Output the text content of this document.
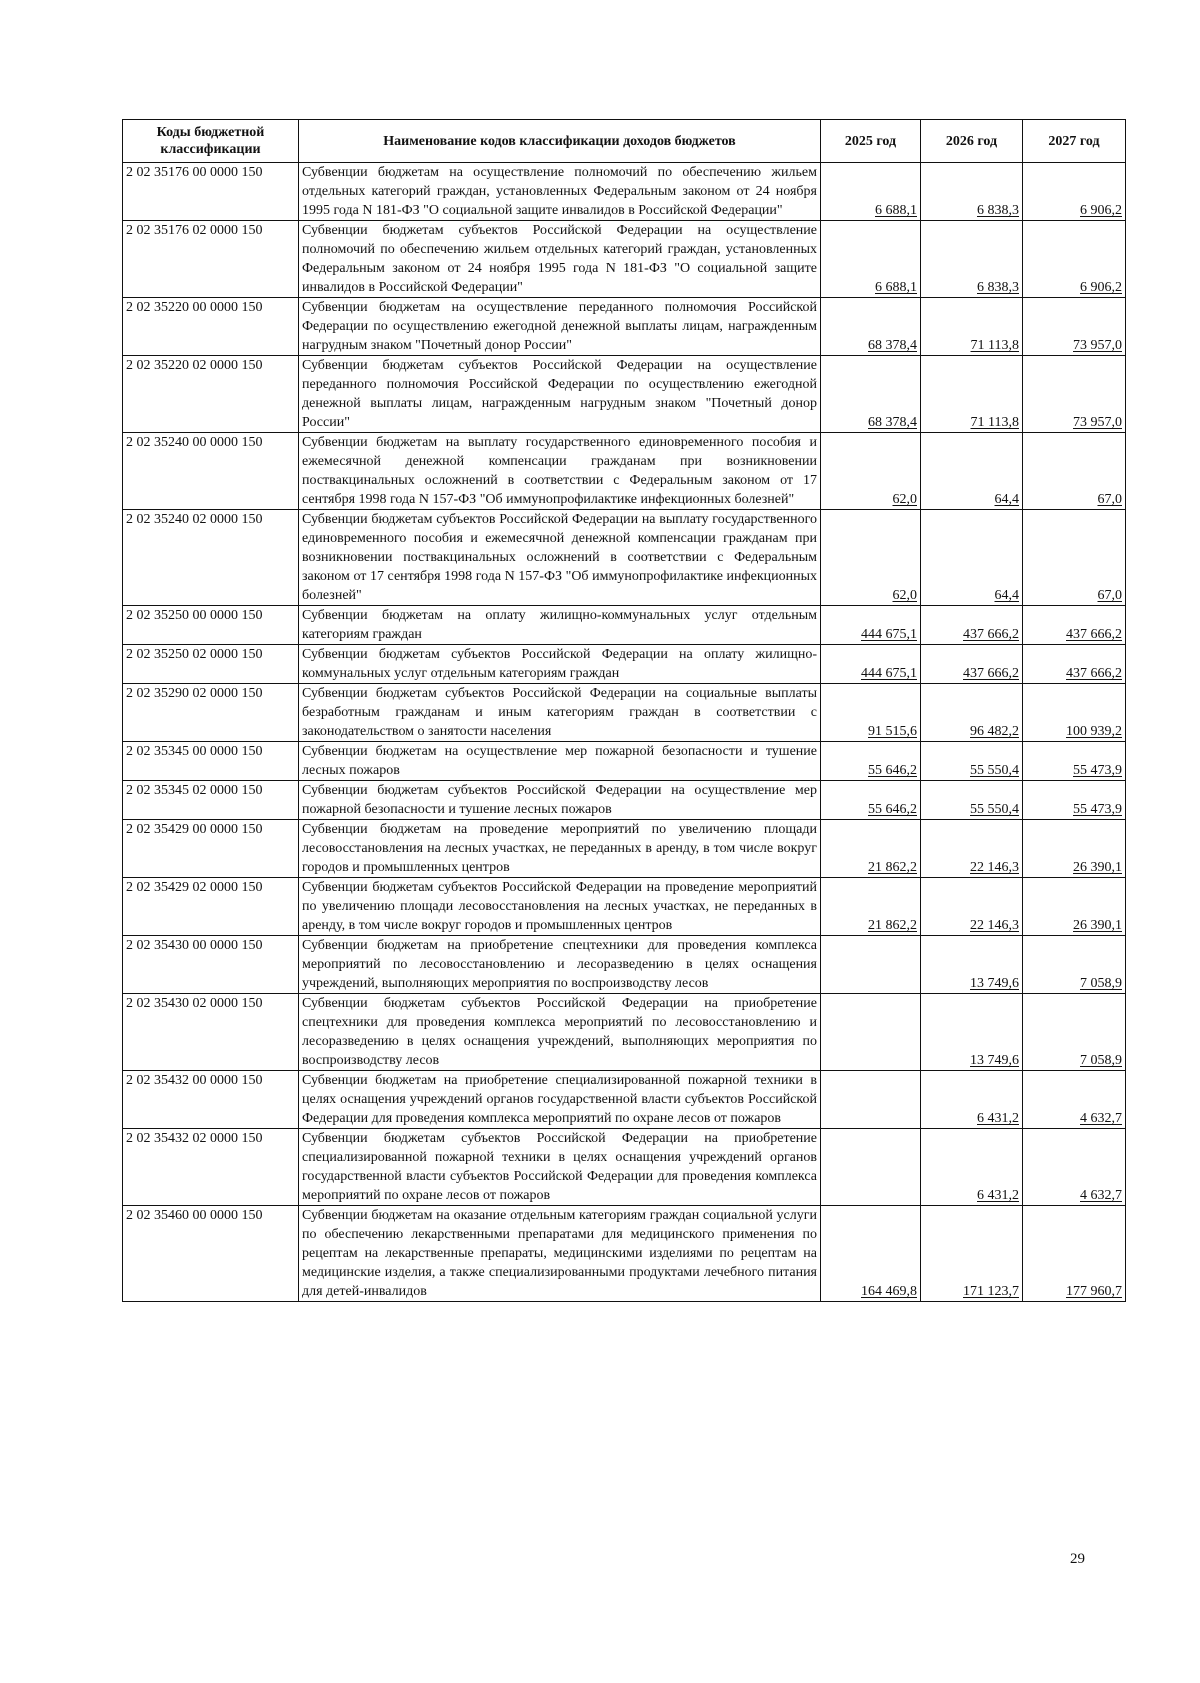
Коды бюджетной классификации	Наименование кодов классификации доходов бюджетов	2025 год	2026 год	2027 год
2 02 35176 00 0000 150	Субвенции бюджетам на осуществление полномочий по обеспечению жильем отдельных категорий граждан, установленных Федеральным законом от 24 ноября 1995 года N 181-ФЗ "О социальной защите инвалидов в Российской Федерации"	6 688,1	6 838,3	6 906,2
2 02 35176 02 0000 150	Субвенции бюджетам субъектов Российской Федерации на осуществление полномочий по обеспечению жильем отдельных категорий граждан, установленных Федеральным законом от 24 ноября 1995 года N 181-ФЗ "О социальной защите инвалидов в Российской Федерации"	6 688,1	6 838,3	6 906,2
2 02 35220 00 0000 150	Субвенции бюджетам на осуществление переданного полномочия Российской Федерации по осуществлению ежегодной денежной выплаты лицам, награжденным нагрудным знаком "Почетный донор России"	68 378,4	71 113,8	73 957,0
2 02 35220 02 0000 150	Субвенции бюджетам субъектов Российской Федерации на осуществление переданного полномочия Российской Федерации по осуществлению ежегодной денежной выплаты лицам, награжденным нагрудным знаком "Почетный донор России"	68 378,4	71 113,8	73 957,0
2 02 35240 00 0000 150	Субвенции бюджетам на выплату государственного единовременного пособия и ежемесячной денежной компенсации гражданам при возникновении поствакцинальных осложнений в соответствии с Федеральным законом от 17 сентября 1998 года N 157-ФЗ "Об иммунопрофилактике инфекционных болезней"	62,0	64,4	67,0
2 02 35240 02 0000 150	Субвенции бюджетам субъектов Российской Федерации на выплату государственного единовременного пособия и ежемесячной денежной компенсации гражданам при возникновении поствакцинальных осложнений в соответствии с Федеральным законом от 17 сентября 1998 года N 157-ФЗ "Об иммунопрофилактике инфекционных болезней"	62,0	64,4	67,0
2 02 35250 00 0000 150	Субвенции бюджетам на оплату жилищно-коммунальных услуг отдельным категориям граждан	444 675,1	437 666,2	437 666,2
2 02 35250 02 0000 150	Субвенции бюджетам субъектов Российской Федерации на оплату жилищно-коммунальных услуг отдельным категориям граждан	444 675,1	437 666,2	437 666,2
2 02 35290 02 0000 150	Субвенции бюджетам субъектов Российской Федерации на социальные выплаты безработным гражданам и иным категориям граждан в соответствии с законодательством о занятости населения	91 515,6	96 482,2	100 939,2
2 02 35345 00 0000 150	Субвенции бюджетам на осуществление мер пожарной безопасности и тушение лесных пожаров	55 646,2	55 550,4	55 473,9
2 02 35345 02 0000 150	Субвенции бюджетам субъектов Российской Федерации на осуществление мер пожарной безопасности и тушение лесных пожаров	55 646,2	55 550,4	55 473,9
2 02 35429 00 0000 150	Субвенции бюджетам на проведение мероприятий по увеличению площади лесовосстановления на лесных участках, не переданных в аренду, в том числе вокруг городов и промышленных центров	21 862,2	22 146,3	26 390,1
2 02 35429 02 0000 150	Субвенции бюджетам субъектов Российской Федерации на проведение мероприятий по увеличению площади лесовосстановления на лесных участках, не переданных в аренду, в том числе вокруг городов и промышленных центров	21 862,2	22 146,3	26 390,1
2 02 35430 00 0000 150	Субвенции бюджетам на приобретение спецтехники для проведения комплекса мероприятий по лесовосстановлению и лесоразведению в целях оснащения учреждений, выполняющих мероприятия по воспроизводству лесов		13 749,6	7 058,9
2 02 35430 02 0000 150	Субвенции бюджетам субъектов Российской Федерации на приобретение спецтехники для проведения комплекса мероприятий по лесовосстановлению и лесоразведению в целях оснащения учреждений, выполняющих мероприятия по воспроизводству лесов		13 749,6	7 058,9
2 02 35432 00 0000 150	Субвенции бюджетам на приобретение специализированной пожарной техники в целях оснащения учреждений органов государственной власти субъектов Российской Федерации для проведения комплекса мероприятий по охране лесов от пожаров		6 431,2	4 632,7
2 02 35432 02 0000 150	Субвенции бюджетам субъектов Российской Федерации на приобретение специализированной пожарной техники в целях оснащения учреждений органов государственной власти субъектов Российской Федерации для проведения комплекса мероприятий по охране лесов от пожаров		6 431,2	4 632,7
2 02 35460 00 0000 150	Субвенции бюджетам на оказание отдельным категориям граждан социальной услуги по обеспечению лекарственными препаратами для медицинского применения по рецептам на лекарственные препараты, медицинскими изделиями по рецептам на медицинские изделия, а также специализированными продуктами лечебного питания для детей-инвалидов	164 469,8	171 123,7	177 960,7
29
